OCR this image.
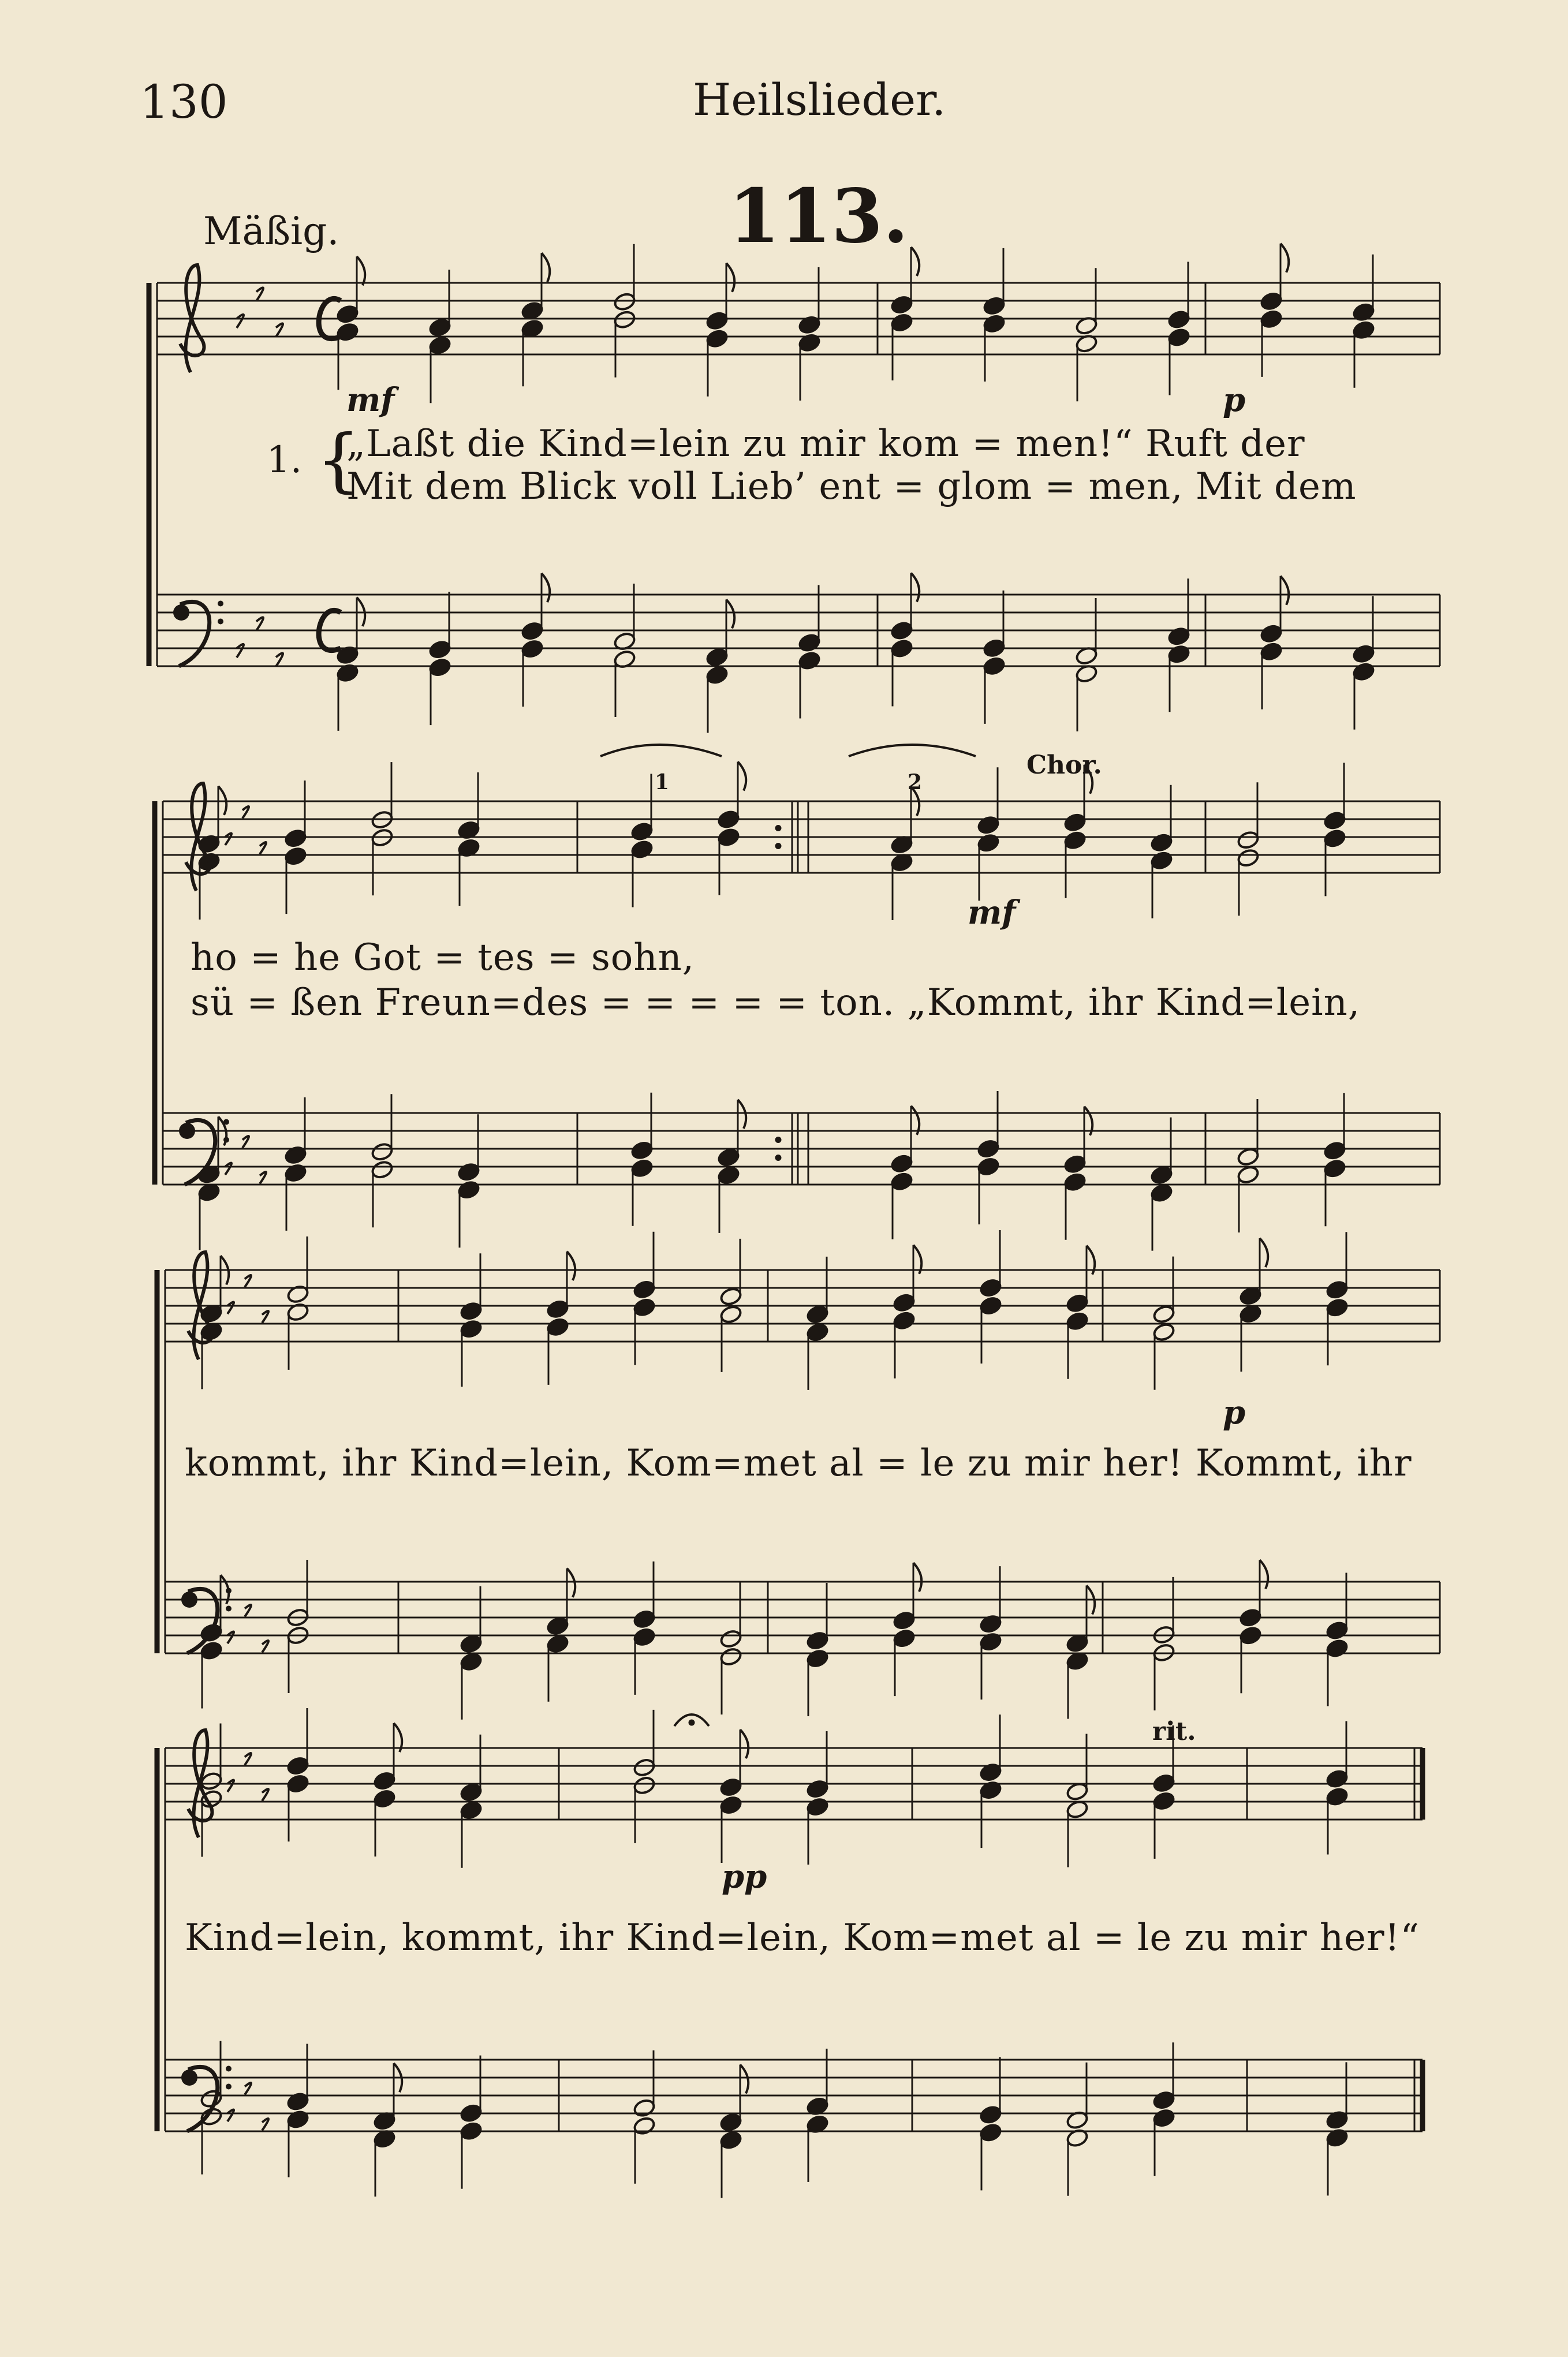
130	Heilslieder.
113.
Mäßig.
1. {
„Laßt die Kind=lein zu mir kom = men!“ Ruft der
Mit dem Blick voll Lieb’ ent = glom = men, Mit dem
ho = he Got = tes = sohn,
sü = ßen Freun=des = = = = = ton. „Kommt, ihr Kind=lein,
kommt, ihr Kind=lein, Kom=met al = le zu mir her! Kommt, ihr
Kind=lein, kommt, ihr Kind=lein, Kom=met al = le zu mir her!“
mf	p
mf
p
pp
Chor.
1	2
rit.
